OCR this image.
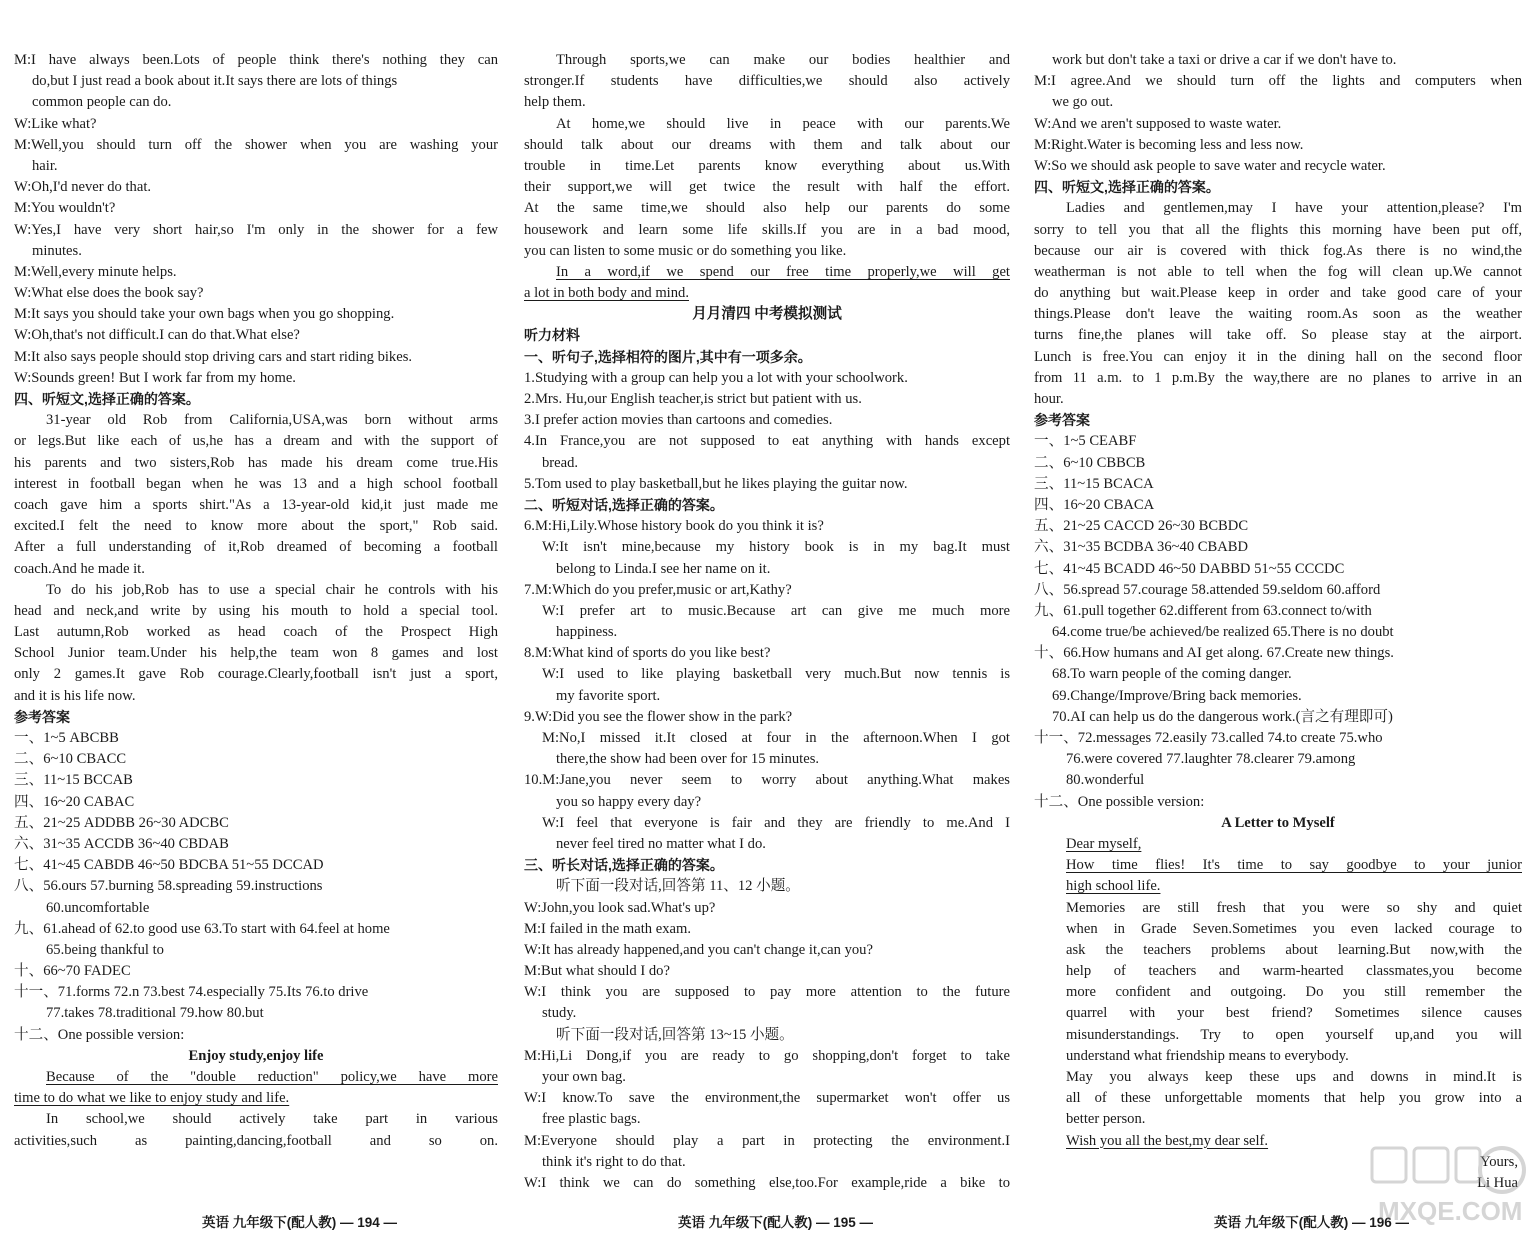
M:I have always been.Lots of people think there's nothing they can
do,but I just read a book about it.It says there are lots of things
common people can do.
W:Like what?
M:Well,you should turn off the shower when you are washing your
hair.
W:Oh,I'd never do that.
M:You wouldn't?
W:Yes,I have very short hair,so I'm only in the shower for a few
minutes.
M:Well,every minute helps.
W:What else does the book say?
M:It says you should take your own bags when you go shopping.
W:Oh,that's not difficult.I can do that.What else?
M:It also says people should stop driving cars and start riding bikes.
W:Sounds green! But I work far from my home.
四、听短文,选择正确的答案。
31-year old Rob from California,USA,was born without arms
or legs.But like each of us,he has a dream and with the support of
his parents and two sisters,Rob has made his dream come true.His
interest in football began when he was 13 and a high school football
coach gave him a sports shirt."As a 13-year-old kid,it just made me
excited.I felt the need to know more about the sport," Rob said.
After a full understanding of it,Rob dreamed of becoming a football
coach.And he made it.
To do his job,Rob has to use a special chair he controls with his
head and neck,and write by using his mouth to hold a special tool.
Last autumn,Rob worked as head coach of the Prospect High
School Junior team.Under his help,the team won 8 games and lost
only 2 games.It gave Rob courage.Clearly,football isn't just a sport,
and it is his life now.
参考答案
一、1~5 ABCBB
二、6~10 CBACC
三、11~15 BCCAB
四、16~20 CABAC
五、21~25 ADDBB 26~30 ADCBC
六、31~35 ACCDB 36~40 CBDAB
七、41~45 CABDB 46~50 BDCBA 51~55 DCCAD
八、56.ours 57.burning 58.spreading 59.instructions
60.uncomfortable
九、61.ahead of 62.to good use 63.To start with 64.feel at home
65.being thankful to
十、66~70 FADEC
十一、71.forms 72.n 73.best 74.especially 75.Its 76.to drive
77.takes 78.traditional 79.how 80.but
十二、One possible version:
Enjoy study,enjoy life
Because of the "double reduction" policy,we have more
time to do what we like to enjoy study and life.
In school,we should actively take part in various
activities,such as painting,dancing,football and so on.
Through sports,we can make our bodies healthier and
stronger.If students have difficulties,we should also actively
help them.
At home,we should live in peace with our parents.We
should talk about our dreams with them and talk about our
trouble in time.Let parents know everything about us.With
their support,we will get twice the result with half the effort.
At the same time,we should also help our parents do some
housework and learn some life skills.If you are in a bad mood,
you can listen to some music or do something you like.
In a word,if we spend our free time properly,we will get
a lot in both body and mind.
月月清四 中考模拟测试
听力材料
一、听句子,选择相符的图片,其中有一项多余。
1.Studying with a group can help you a lot with your schoolwork.
2.Mrs. Hu,our English teacher,is strict but patient with us.
3.I prefer action movies than cartoons and comedies.
4.In France,you are not supposed to eat anything with hands except
bread.
5.Tom used to play basketball,but he likes playing the guitar now.
二、听短对话,选择正确的答案。
6.M:Hi,Lily.Whose history book do you think it is?
W:It isn't mine,because my history book is in my bag.It must
belong to Linda.I see her name on it.
7.M:Which do you prefer,music or art,Kathy?
W:I prefer art to music.Because art can give me much more
happiness.
8.M:What kind of sports do you like best?
W:I used to like playing basketball very much.But now tennis is
my favorite sport.
9.W:Did you see the flower show in the park?
M:No,I missed it.It closed at four in the afternoon.When I got
there,the show had been over for 15 minutes.
10.M:Jane,you never seem to worry about anything.What makes
you so happy every day?
W:I feel that everyone is fair and they are friendly to me.And I
never feel tired no matter what I do.
三、听长对话,选择正确的答案。
听下面一段对话,回答第 11、12 小题。
W:John,you look sad.What's up?
M:I failed in the math exam.
W:It has already happened,and you can't change it,can you?
M:But what should I do?
W:I think you are supposed to pay more attention to the future
study.
听下面一段对话,回答第 13~15 小题。
M:Hi,Li Dong,if you are ready to go shopping,don't forget to take
your own bag.
W:I know.To save the environment,the supermarket won't offer us
free plastic bags.
M:Everyone should play a part in protecting the environment.I
think it's right to do that.
W:I think we can do something else,too.For example,ride a bike to
work but don't take a taxi or drive a car if we don't have to.
M:I agree.And we should turn off the lights and computers when
we go out.
W:And we aren't supposed to waste water.
M:Right.Water is becoming less and less now.
W:So we should ask people to save water and recycle water.
四、听短文,选择正确的答案。
Ladies and gentlemen,may I have your attention,please? I'm
sorry to tell you that all the flights this morning have been put off,
because our air is covered with thick fog.As there is no wind,the
weatherman is not able to tell when the fog will clean up.We cannot
do anything but wait.Please keep in order and take good care of your
things.Please don't leave the waiting room.As soon as the weather
turns fine,the planes will take off. So please stay at the airport.
Lunch is free.You can enjoy it in the dining hall on the second floor
from 11 a.m. to 1 p.m.By the way,there are no planes to arrive in an
hour.
参考答案
一、1~5 CEABF
二、6~10 CBBCB
三、11~15 BCACA
四、16~20 CBACA
五、21~25 CACCD 26~30 BCBDC
六、31~35 BCDBA 36~40 CBABD
七、41~45 BCADD 46~50 DABBD 51~55 CCCDC
八、56.spread 57.courage 58.attended 59.seldom 60.afford
九、61.pull together 62.different from 63.connect to/with
64.come true/be achieved/be realized 65.There is no doubt
十、66.How humans and AI get along. 67.Create new things.
68.To warn people of the coming danger.
69.Change/Improve/Bring back memories.
70.AI can help us do the dangerous work.(言之有理即可)
十一、72.messages 72.easily 73.called 74.to create 75.who
76.were covered 77.laughter 78.clearer 79.among
80.wonderful
十二、One possible version:
A Letter to Myself
Dear myself,
How time flies! It's time to say goodbye to your junior
high school life.
Memories are still fresh that you were so shy and quiet
when in Grade Seven.Sometimes you even lacked courage to
ask the teachers problems about learning.But now,with the
help of teachers and warm-hearted classmates,you become
more confident and outgoing. Do you still remember the
quarrel with your best friend? Sometimes silence causes
misunderstandings. Try to open yourself up,and you will
understand what friendship means to everybody.
May you always keep these ups and downs in mind.It is
all of these unforgettable moments that help you grow into a
better person.
Wish you all the best,my dear self.
Yours,
Li Hua
英语 九年级下(配人教) — 194 —	英语 九年级下(配人教) — 195 —	英语 九年级下(配人教) — 196 —
MXQE.COM
